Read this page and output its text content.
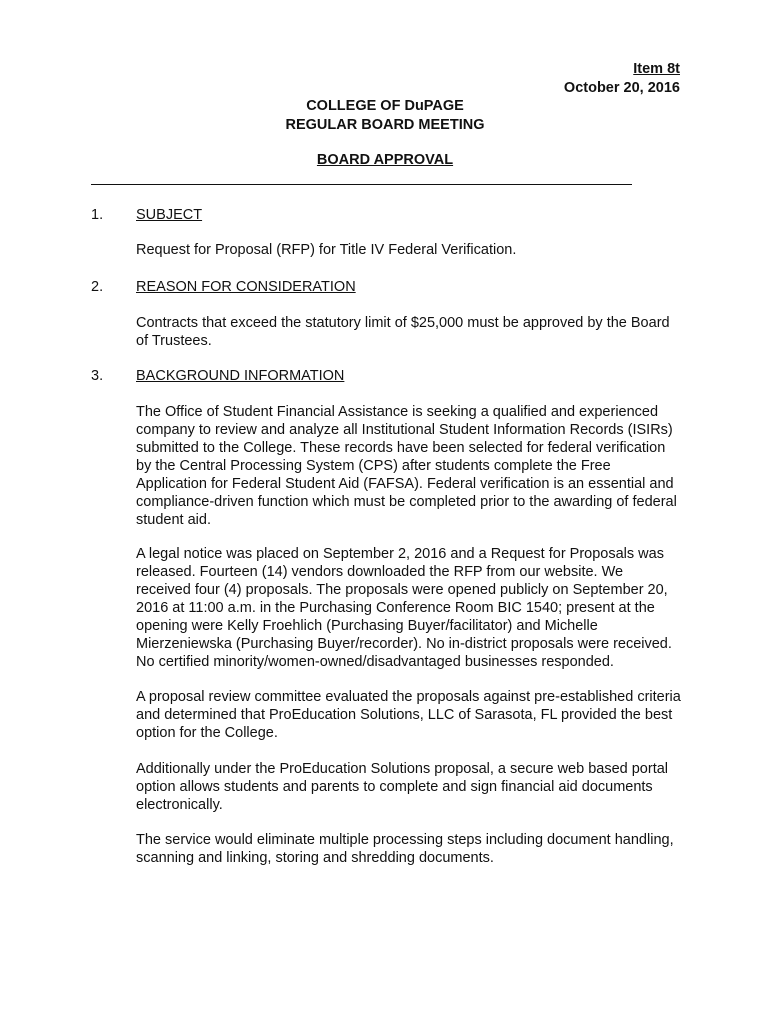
Item 8t
October 20, 2016
COLLEGE OF DuPAGE
REGULAR BOARD MEETING
BOARD APPROVAL
1. SUBJECT
Request for Proposal (RFP) for Title IV Federal Verification.
2. REASON FOR CONSIDERATION
Contracts that exceed the statutory limit of $25,000 must be approved by the Board of Trustees.
3. BACKGROUND INFORMATION
The Office of Student Financial Assistance is seeking a qualified and experienced company to review and analyze all Institutional Student Information Records (ISIRs) submitted to the College. These records have been selected for federal verification by the Central Processing System (CPS) after students complete the Free Application for Federal Student Aid (FAFSA). Federal verification is an essential and compliance-driven function which must be completed prior to the awarding of federal student aid.
A legal notice was placed on September 2, 2016 and a Request for Proposals was released. Fourteen (14) vendors downloaded the RFP from our website. We received four (4) proposals. The proposals were opened publicly on September 20, 2016 at 11:00 a.m. in the Purchasing Conference Room BIC 1540; present at the opening were Kelly Froehlich (Purchasing Buyer/facilitator) and Michelle Mierzeniewska (Purchasing Buyer/recorder). No in-district proposals were received. No certified minority/women-owned/disadvantaged businesses responded.
A proposal review committee evaluated the proposals against pre-established criteria and determined that ProEducation Solutions, LLC of Sarasota, FL provided the best option for the College.
Additionally under the ProEducation Solutions proposal, a secure web based portal option allows students and parents to complete and sign financial aid documents electronically.
The service would eliminate multiple processing steps including document handling, scanning and linking, storing and shredding documents.
